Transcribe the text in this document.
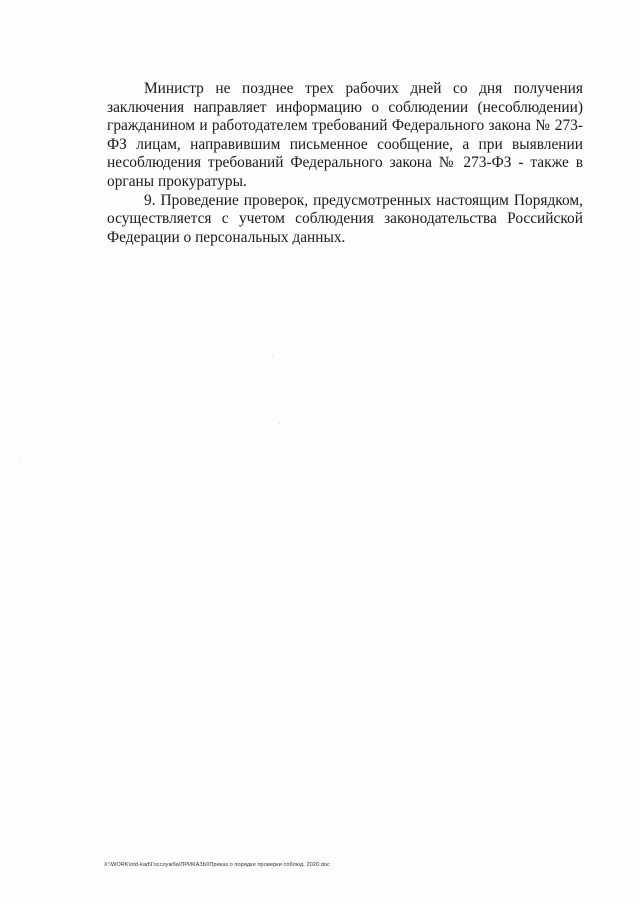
Министр не позднее трех рабочих дней со дня получения
заключения направляет информацию о соблюдении (несоблюдении)
гражданином и работодателем требований Федерального закона № 273-
ФЗ лицам, направившим письменное сообщение, а при выявлении
несоблюдения требований Федерального закона № 273-ФЗ - также в
органы прокуратуры.
9. Проведение проверок, предусмотренных настоящим Порядком,
осуществляется с учетом соблюдения законодательства Российской
Федерации о персональных данных.
X:\WORK\otd-kad\Госслужба\ПРИКАЗЫ\Приказ о порядке проверки соблюд. 2020.doc
